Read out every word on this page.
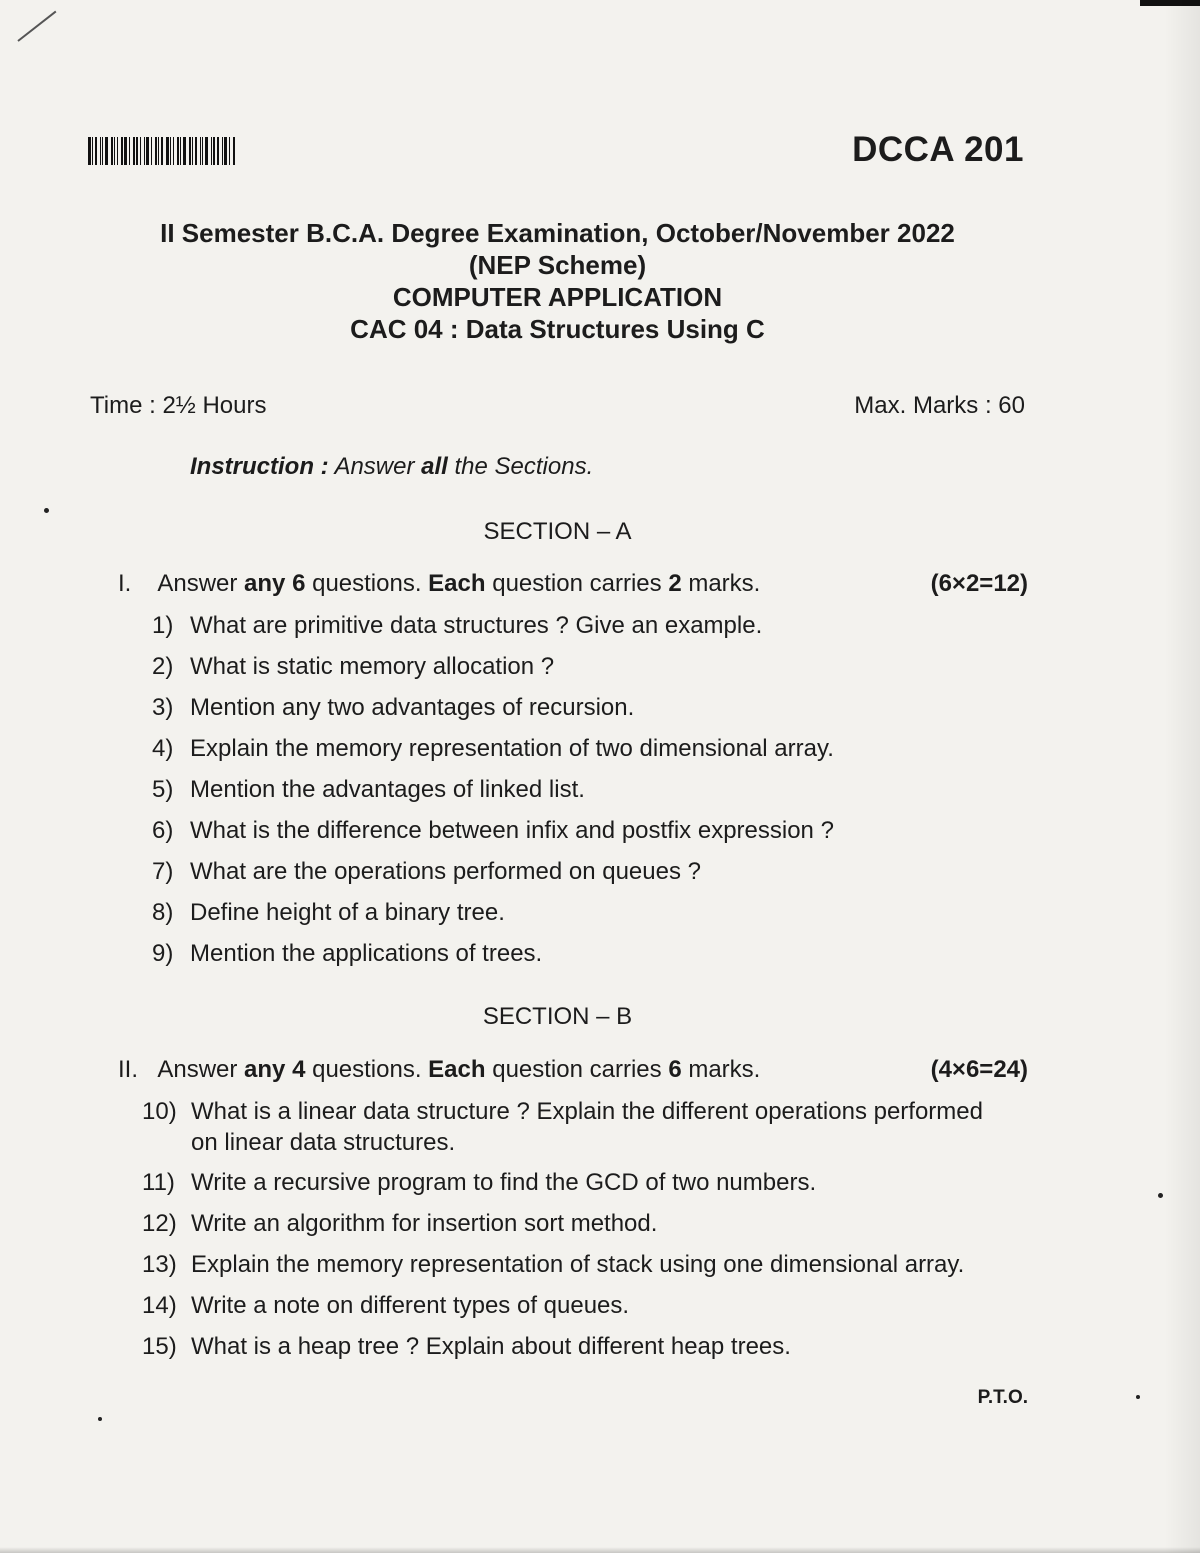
DCCA 201
II Semester B.C.A. Degree Examination, October/November 2022
(NEP Scheme)
COMPUTER APPLICATION
CAC 04 : Data Structures Using C
Time : 2½ Hours	Max. Marks : 60
Instruction : Answer all the Sections.
SECTION – A
I. Answer any 6 questions. Each question carries 2 marks.	(6×2=12)
1) What are primitive data structures ? Give an example.
2) What is static memory allocation ?
3) Mention any two advantages of recursion.
4) Explain the memory representation of two dimensional array.
5) Mention the advantages of linked list.
6) What is the difference between infix and postfix expression ?
7) What are the operations performed on queues ?
8) Define height of a binary tree.
9) Mention the applications of trees.
SECTION – B
II. Answer any 4 questions. Each question carries 6 marks.	(4×6=24)
10) What is a linear data structure ? Explain the different operations performed on linear data structures.
11) Write a recursive program to find the GCD of two numbers.
12) Write an algorithm for insertion sort method.
13) Explain the memory representation of stack using one dimensional array.
14) Write a note on different types of queues.
15) What is a heap tree ? Explain about different heap trees.
P.T.O.
